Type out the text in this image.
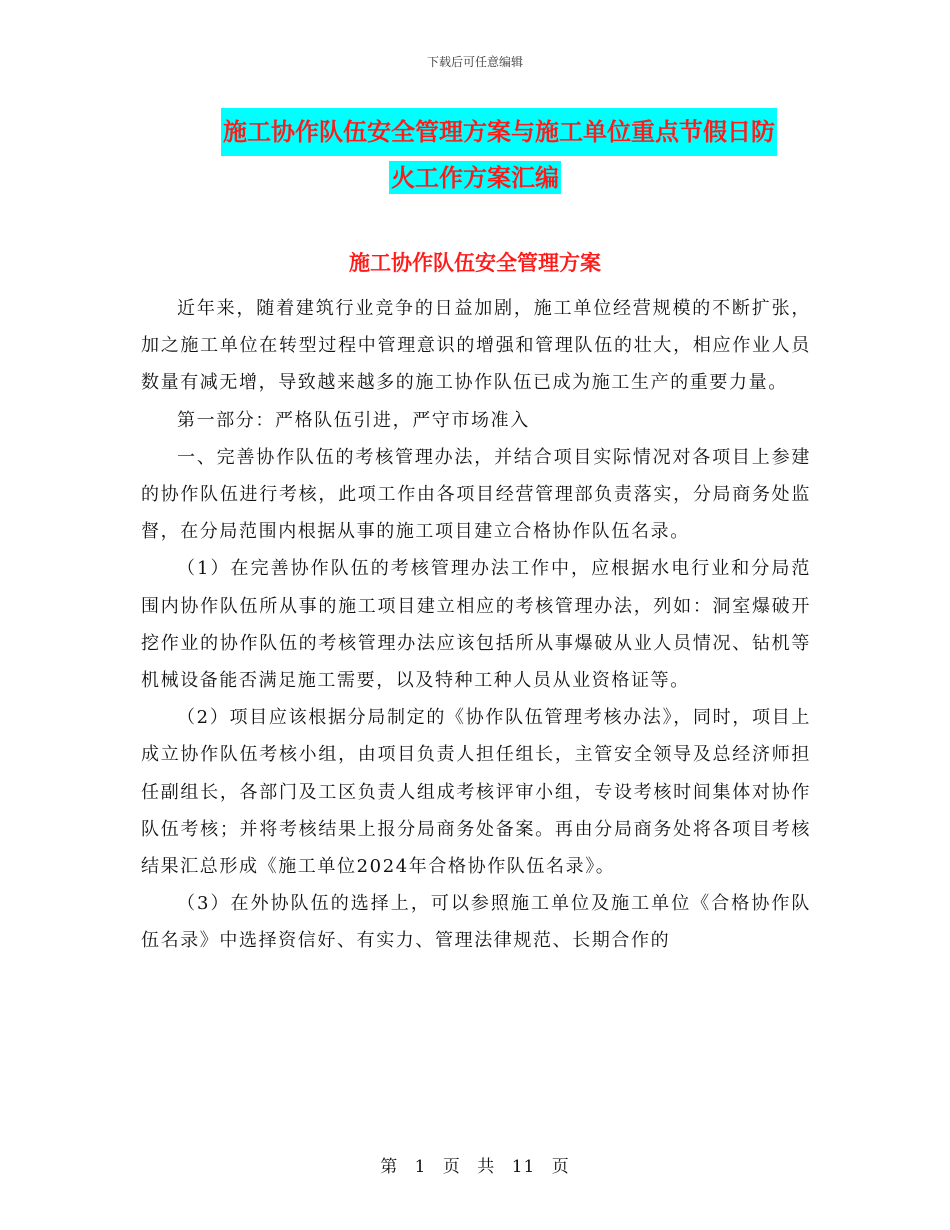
下载后可任意编辑
施工协作队伍安全管理方案与施工单位重点节假日防
火工作方案汇编
施工协作队伍安全管理方案

近年来，随着建筑行业竞争的日益加剧，施工单位经营规模的不断扩张，加之施工单位在转型过程中管理意识的增强和管理队伍的壮大，相应作业人员数量有减无增，导致越来越多的施工协作队伍已成为施工生产的重要力量。

第一部分：严格队伍引进，严守市场准入

一、完善协作队伍的考核管理办法，并结合项目实际情况对各项目上参建的协作队伍进行考核，此项工作由各项目经营管理部负责落实，分局商务处监督，在分局范围内根据从事的施工项目建立合格协作队伍名录。

（1）在完善协作队伍的考核管理办法工作中，应根据水电行业和分局范围内协作队伍所从事的施工项目建立相应的考核管理办法，列如：洞室爆破开挖作业的协作队伍的考核管理办法应该包括所从事爆破从业人员情况、钻机等机械设备能否满足施工需要，以及特种工种人员从业资格证等。

（2）项目应该根据分局制定的《协作队伍管理考核办法》，同时，项目上成立协作队伍考核小组，由项目负责人担任组长，主管安全领导及总经济师担任副组长，各部门及工区负责人组成考核评审小组，专设考核时间集体对协作队伍考核；并将考核结果上报分局商务处备案。再由分局商务处将各项目考核结果汇总形成《施工单位2024年合格协作队伍名录》。

（3）在外协队伍的选择上，可以参照施工单位及施工单位《合格协作队伍名录》中选择资信好、有实力、管理法律规范、长期合作的

第 1 页 共 11 页
